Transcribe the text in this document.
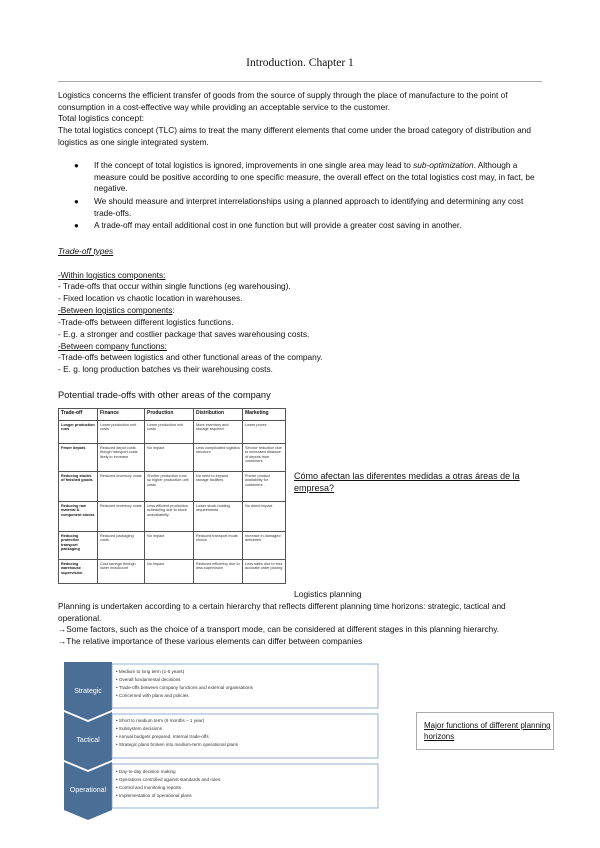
Introduction. Chapter 1
Logistics concerns the efficient transfer of goods from the source of supply through the place of manufacture to the point of consumption in a cost-effective way while providing an acceptable service to the customer.
Total logistics concept:
The total logistics concept (TLC) aims to treat the many different elements that come under the broad category of distribution and logistics as one single integrated system.
● If the concept of total logistics is ignored, improvements in one single area may lead to sub-optimization. Although a measure could be positive according to one specific measure, the overall effect on the total logistics cost may, in fact, be negative.
● We should measure and interpret interrelationships using a planned approach to identifying and determining any cost trade-offs.
● A trade-off may entail additional cost in one function but will provide a greater cost saving in another.
Trade-off types
-Within logistics components:
- Trade-offs that occur within single functions (eg warehousing).
- Fixed location vs chaotic location in warehouses.
-Between logistics components:
-Trade-offs between different logistics functions.
- E.g. a stronger and costlier package that saves warehousing costs.
-Between company functions:
-Trade-offs between logistics and other functional areas of the company.
- E. g. long production batches vs their warehousing costs.
Potential trade-offs with other areas of the company
Trade-off	Finance	Production	Distribution	Marketing
Longer production runs	Lower production unit costs	Lower production unit costs	More inventory and storage required	Lower prices
Fewer depots	Reduced depot costs though transport costs likely to increase	No impact	Less complicated logistics structure	Service reduction due to increased distance of depots from customers
Reducing stocks of finished goods	Reduced inventory costs	Shorter production runs so higher production unit costs	No need to expand storage facilities	Poorer product availability for customers
Reducing raw material & component stocks	Reduced inventory costs	Less efficient production scheduling due to stock unavailability	Lower stock-holding requirements	No direct impact
Reducing protective transport packaging	Reduced packaging costs	No impact	Reduced transport mode choice	Increase in damaged deliveries
Reducing warehouse supervision	Cost savings through lower headcount	No impact	Reduced efficiency due to less supervision	Less sales due to less accurate order picking
Cómo afectan las diferentes medidas a otras áreas de la empresa?
Logistics planning
Planning is undertaken according to a certain hierarchy that reflects different planning time horizons: strategic, tactical and operational.
→Some factors, such as the choice of a transport mode, can be considered at different stages in this planning hierarchy.
→The relative importance of these various elements can differ between companies
Strategic
• Medium to long term (1-5 years)
• Overall fundamental decisions
• Trade-offs between company functions and external organisations
• Concerned with plans and policies
Tactical
• Short to medium term (6 months – 1 year)
• Subsystem decisions
• Annual budgets prepared. Internal trade-offs
• Strategic plans broken into medium-term operational plans
Operational
• Day-to-day decision making
• Operations controlled against standards and rules
• Control and monitoring reports
• Implementation of operational plans
Major functions of different planning horizons
